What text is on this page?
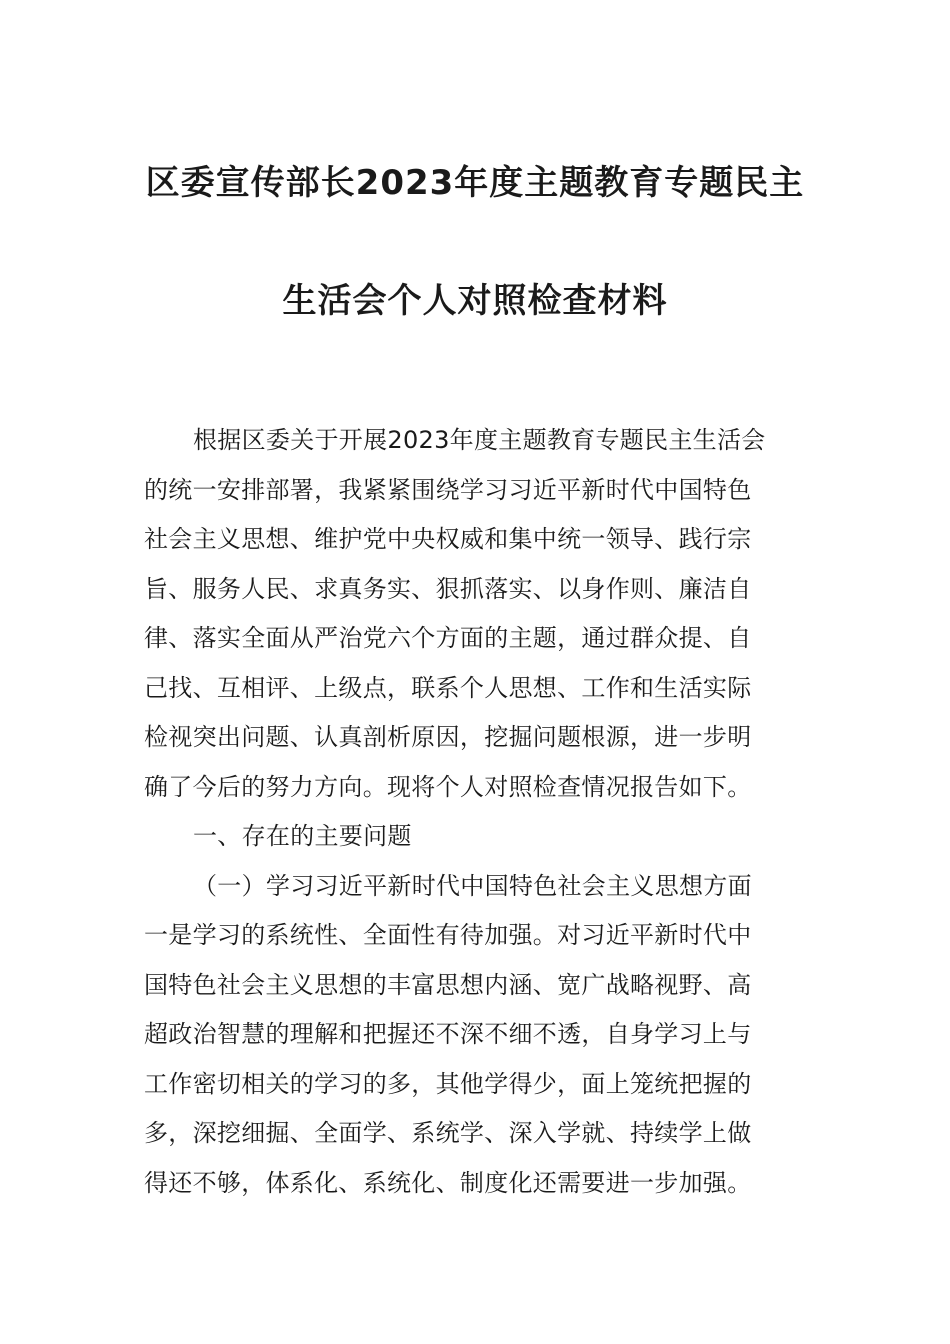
区委宣传部长2023年度主题教育专题民主
生活会个人对照检查材料
根据区委关于开展2023年度主题教育专题民主生活会
的统一安排部署，我紧紧围绕学习习近平新时代中国特色
社会主义思想、维护党中央权威和集中统一领导、践行宗
旨、服务人民、求真务实、狠抓落实、以身作则、廉洁自
律、落实全面从严治党六个方面的主题，通过群众提、自
己找、互相评、上级点，联系个人思想、工作和生活实际
检视突出问题、认真剖析原因，挖掘问题根源，进一步明
确了今后的努力方向。现将个人对照检查情况报告如下。
一、存在的主要问题
（一）学习习近平新时代中国特色社会主义思想方面
一是学习的系统性、全面性有待加强。对习近平新时代中
国特色社会主义思想的丰富思想内涵、宽广战略视野、高
超政治智慧的理解和把握还不深不细不透，自身学习上与
工作密切相关的学习的多，其他学得少，面上笼统把握的
多，深挖细掘、全面学、系统学、深入学就、持续学上做
得还不够，体系化、系统化、制度化还需要进一步加强。
